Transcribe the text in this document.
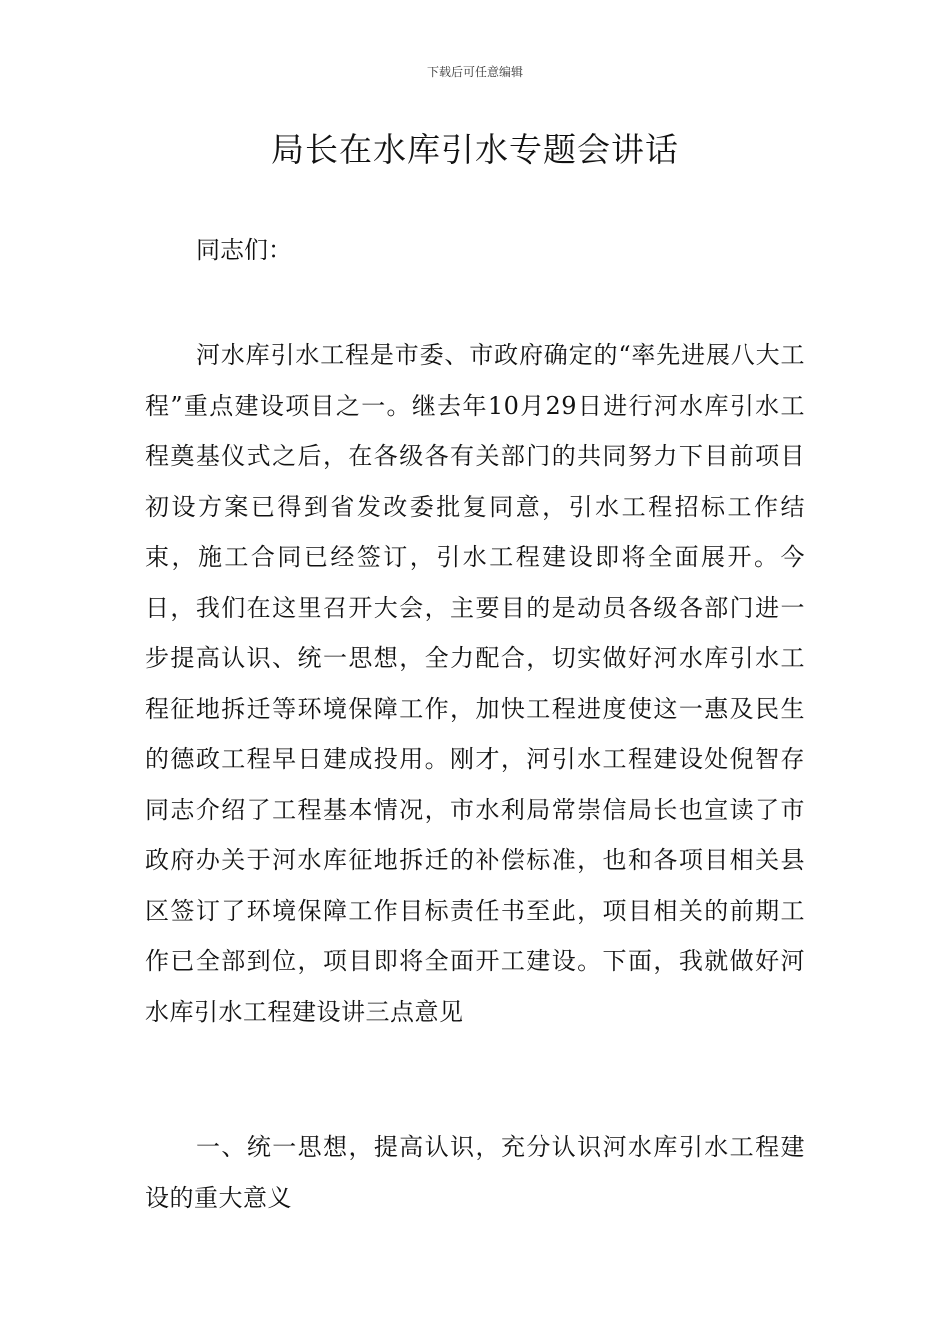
下载后可任意编辑
局长在水库引水专题会讲话

同志们：

河水库引水工程是市委、市政府确定的“率先进展八大工程”重点建设项目之一。继去年10月29日进行河水库引水工程奠基仪式之后，在各级各有关部门的共同努力下目前项目初设方案已得到省发改委批复同意，引水工程招标工作结束，施工合同已经签订，引水工程建设即将全面展开。今日，我们在这里召开大会，主要目的是动员各级各部门进一步提高认识、统一思想，全力配合，切实做好河水库引水工程征地拆迁等环境保障工作，加快工程进度使这一惠及民生的德政工程早日建成投用。刚才，河引水工程建设处倪智存同志介绍了工程基本情况，市水利局常崇信局长也宣读了市政府办关于河水库征地拆迁的补偿标准，也和各项目相关县区签订了环境保障工作目标责任书至此，项目相关的前期工作已全部到位，项目即将全面开工建设。下面，我就做好河水库引水工程建设讲三点意见

一、统一思想，提高认识，充分认识河水库引水工程建设的重大意义
